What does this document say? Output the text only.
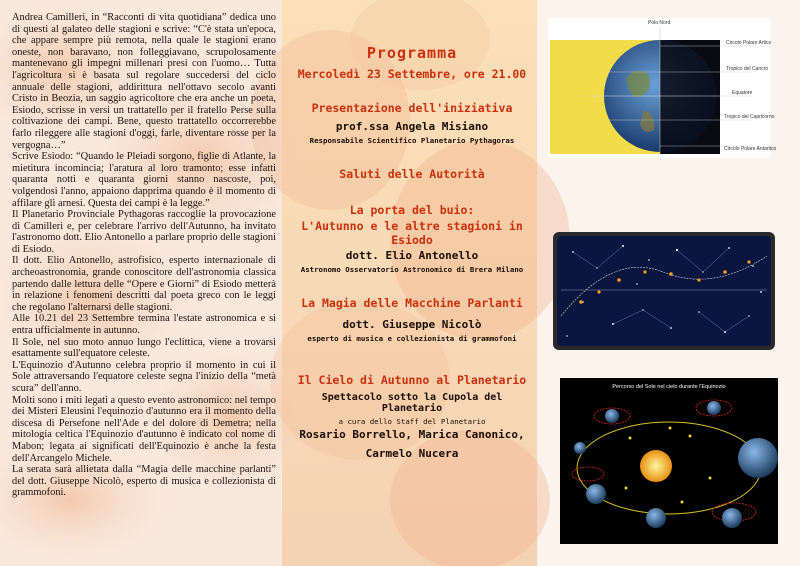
Andrea Camilleri, in “Racconti di vita quotidiana” dedica uno di questi al galateo delle stagioni e scrive: “C'è stata un'epoca, che appare sempre più remota, nella quale le stagioni erano oneste, non baravano, non folleggiavano, scrupolosamente mantenevano gli impegni millenari presi con l'uomo… Tutta l'agricoltura si è basata sul regolare succedersi del ciclo annuale delle stagioni, addirittura nell'ottavo secolo avanti Cristo in Beozia, un saggio agricoltore che era anche un poeta, Esiodo, scrisse in versi un trattatello per il fratello Perse sulla coltivazione dei campi. Bene, questo trattatello occorrerebbe farlo rileggere alle stagioni d'oggi, farle, diventare rosse per la vergogna…”

Scrive Esiodo: “Quando le Pleiadi sorgono, figlie di Atlante, la mietitura incomincia; l'aratura al loro tramonto; esse infatti quaranta notti e quaranta giorni stanno nascoste, poi, volgendosi l'anno, appaiono dapprima quando è il momento di affilare gli arnesi. Questa dei campi è la legge.”

Il Planetario Provinciale Pythagoras raccoglie la provocazione di Camilleri e, per celebrare l'arrivo dell'Autunno, ha invitato l'astronomo dott. Elio Antonello a parlare proprio delle stagioni di Esiodo.

Il dott. Elio Antonello, astrofisico, esperto internazionale di archeoastronomia, grande conoscitore dell'astronomia classica partendo dalle lettura delle “Opere e Giorni” di Esiodo metterà in relazione i fenomeni descritti dal poeta greco con le leggi che regolano l'alternarsi delle stagioni.

Alle 10.21 del 23 Settembre termina l'estate astronomica e si entra ufficialmente in autunno.

Il Sole, nel suo moto annuo lungo l'eclittica, viene a trovarsi esattamente sull'equatore celeste.

L'Equinozio d'Autunno celebra proprio il momento in cui il Sole attraversando l'equatore celeste segna l'inizio della “metà scura” dell'anno.

Molti sono i miti legati a questo evento astronomico: nel tempo dei Misteri Eleusini l'equinozio d'autunno era il momento della discesa di Persefone nell'Ade e del dolore di Demetra; nella mitologia celtica l'Equinozio d'autunno è indicato col nome di Mabon; legata ai significati dell'Equinozio è anche la festa dell'Arcangelo Michele.

La serata sarà allietata dalla “Magia delle macchine parlanti” del dott. Giuseppe Nicolò, esperto di musica e collezionista di grammofoni.

Programma
Mercoledì 23 Settembre, ore 21.00
Presentazione dell'iniziativa
prof.ssa Angela Misiano
Responsabile Scientifico Planetario Pythagoras
Saluti delle Autorità
La porta del buio:
L'Autunno e le altre stagioni in Esiodo
dott. Elio Antonello
Astronomo Osservatorio Astronomico di Brera Milano
La Magia delle Macchine Parlanti
dott. Giuseppe Nicolò
esperto di musica e collezionista di grammofoni
Il Cielo di Autunno al Planetario
Spettacolo sotto la Cupola del Planetario
a cura dello Staff del Planetario
Rosario Borrello, Marica Canonico,
Carmelo Nucera
Polo Nord
Circolo Polare Artico
Tropico del Cancro
Equatore
Tropico del Capricorno
Circolo Polare Antartico
Percorso del Sole nel cielo durante l'Equinozio
